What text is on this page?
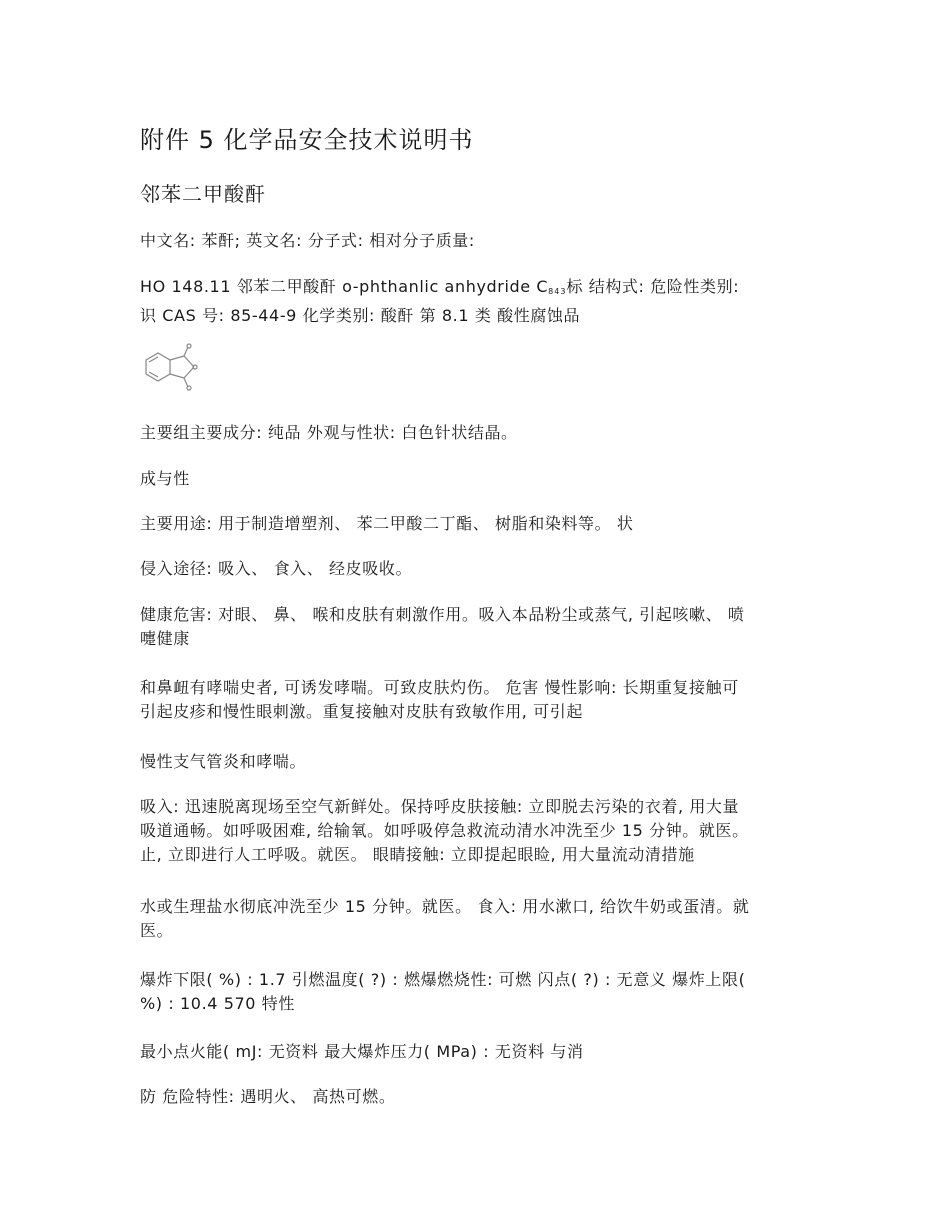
附件 5 化学品安全技术说明书
邻苯二甲酸酐
中文名: 苯酐; 英文名: 分子式: 相对分子质量:
HO 148.11 邻苯二甲酸酐 o-phthanlic anhydride $C_{843}$标 结构式: 危险性类别:
识 CAS 号: 85-44-9 化学类别: 酸酐 第 8.1 类 酸性腐蚀品
主要组主要成分: 纯品 外观与性状: 白色针状结晶。
成与性
主要用途: 用于制造增塑剂、 苯二甲酸二丁酯、 树脂和染料等。 状
侵入途径: 吸入、 食入、 经皮吸收。
健康危害: 对眼、 鼻、 喉和皮肤有刺激作用。吸入本品粉尘或蒸气, 引起咳嗽、 喷
嚏健康
和鼻衄有哮喘史者, 可诱发哮喘。可致皮肤灼伤。 危害 慢性影响: 长期重复接触可
引起皮疹和慢性眼刺激。重复接触对皮肤有致敏作用, 可引起
慢性支气管炎和哮喘。
吸入: 迅速脱离现场至空气新鲜处。保持呼皮肤接触: 立即脱去污染的衣着, 用大量
吸道通畅。如呼吸困难, 给输氧。如呼吸停急救流动清水冲洗至少 15 分钟。就医。
止, 立即进行人工呼吸。就医。 眼睛接触: 立即提起眼睑, 用大量流动清措施
水或生理盐水彻底冲洗至少 15 分钟。就医。 食入: 用水漱口, 给饮牛奶或蛋清。就
医。
爆炸下限( %) : 1.7 引燃温度( ?) : 燃爆燃烧性: 可燃 闪点( ?) : 无意义 爆炸上限(
%) : 10.4 570 特性
最小点火能( mJ: 无资料 最大爆炸压力( MPa) : 无资料 与消
防 危险特性: 遇明火、 高热可燃。
